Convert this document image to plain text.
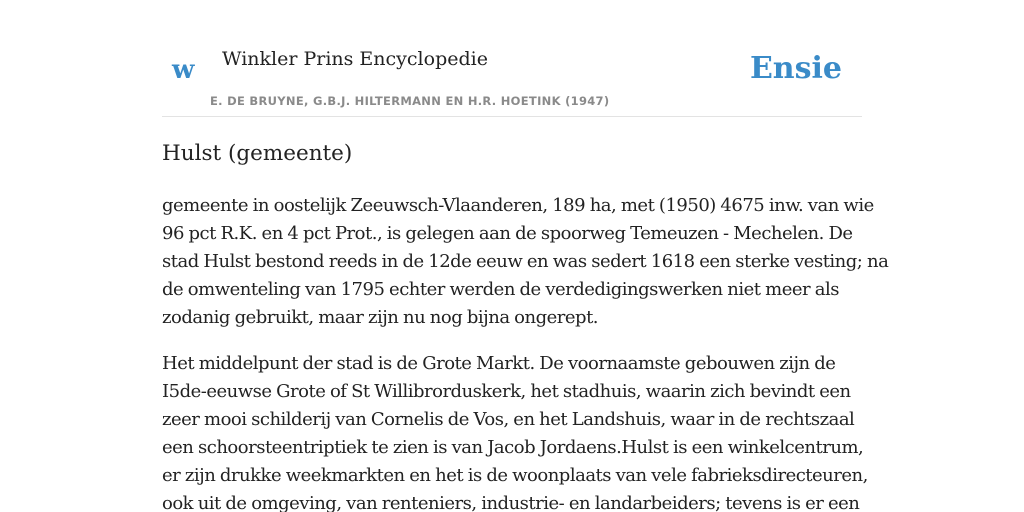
w Winkler Prins Encyclopedie
E. DE BRUYNE, G.B.J. HILTERMANN EN H.R. HOETINK (1947)
Ensie
Hulst (gemeente)
gemeente in oostelijk Zeeuwsch-Vlaanderen, 189 ha, met (1950) 4675 inw. van wie
96 pct R.K. en 4 pct Prot., is gelegen aan de spoorweg Temeuzen - Mechelen. De
stad Hulst bestond reeds in de 12de eeuw en was sedert 1618 een sterke vesting; na
de omwenteling van 1795 echter werden de verdedigingswerken niet meer als
zodanig gebruikt, maar zijn nu nog bijna ongerept.
Het middelpunt der stad is de Grote Markt. De voornaamste gebouwen zijn de
I5de-eeuwse Grote of St Willibrorduskerk, het stadhuis, waarin zich bevindt een
zeer mooi schilderij van Cornelis de Vos, en het Landshuis, waar in de rechtszaal
een schoorsteentriptiek te zien is van Jacob Jordaens.Hulst is een winkelcentrum,
er zijn drukke weekmarkten en het is de woonplaats van vele fabrieksdirecteuren,
ook uit de omgeving, van renteniers, industrie- en landarbeiders; tevens is er een
